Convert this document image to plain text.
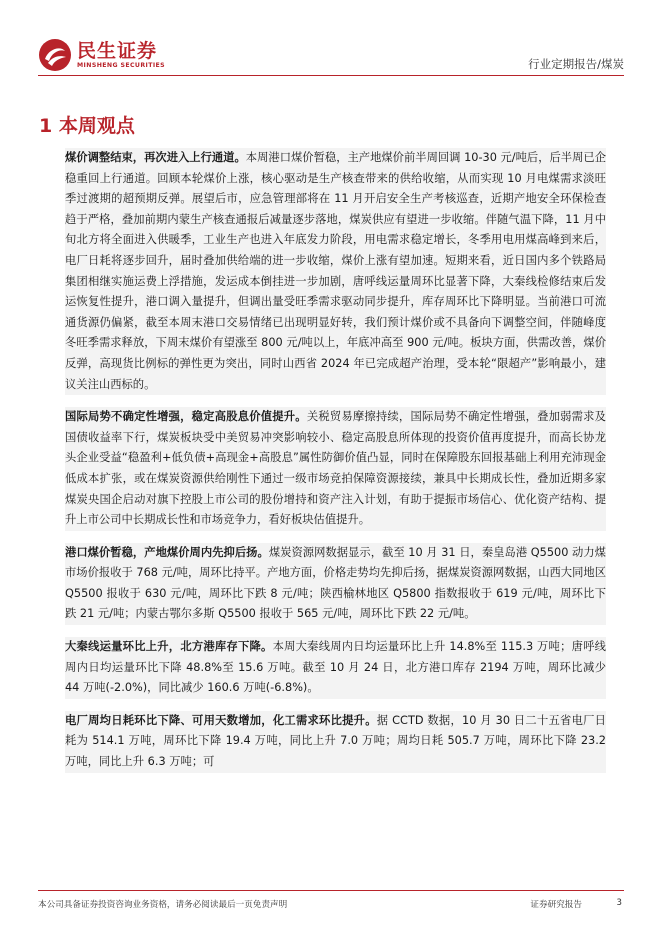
民生证券
MINSHENG SECURITIES	行业定期报告/煤炭
1 本周观点

煤价调整结束，再次进入上行通道。本周港口煤价暂稳，主产地煤价前半周回调 10-30 元/吨后，后半周已企稳重回上行通道。回顾本轮煤价上涨，核心驱动是生产核查带来的供给收缩，从而实现 10 月电煤需求淡旺季过渡期的超预期反弹。展望后市，应急管理部将在 11 月开启安全生产考核巡查，近期产地安全环保检查趋于严格，叠加前期内蒙生产核查通报后减量逐步落地，煤炭供应有望进一步收缩。伴随气温下降，11 月中旬北方将全面进入供暖季，工业生产也进入年底发力阶段，用电需求稳定增长，冬季用电用煤高峰到来后，电厂日耗将逐步回升，届时叠加供给端的进一步收缩，煤价上涨有望加速。短期来看，近日国内多个铁路局集团相继实施运费上浮措施，发运成本倒挂进一步加剧，唐呼线运量周环比显著下降，大秦线检修结束后发运恢复性提升，港口调入量提升，但调出量受旺季需求驱动同步提升，库存周环比下降明显。当前港口可流通货源仍偏紧，截至本周末港口交易情绪已出现明显好转，我们预计煤价或不具备向下调整空间，伴随峰度冬旺季需求释放，下周末煤价有望涨至 800 元/吨以上，年底冲高至 900 元/吨。板块方面，供需改善，煤价反弹，高现货比例标的弹性更为突出，同时山西省 2024 年已完成超产治理，受本轮“限超产”影响最小，建议关注山西标的。

国际局势不确定性增强，稳定高股息价值提升。关税贸易摩擦持续，国际局势不确定性增强，叠加弱需求及国债收益率下行，煤炭板块受中美贸易冲突影响较小、稳定高股息所体现的投资价值再度提升，而高长协龙头企业受益“稳盈利+低负债+高现金+高股息”属性防御价值凸显，同时在保障股东回报基础上利用充沛现金低成本扩张，或在煤炭资源供给刚性下通过一级市场竞拍保障资源接续，兼具中长期成长性，叠加近期多家煤炭央国企启动对旗下控股上市公司的股份增持和资产注入计划，有助于提振市场信心、优化资产结构、提升上市公司中长期成长性和市场竞争力，看好板块估值提升。

港口煤价暂稳，产地煤价周内先抑后扬。煤炭资源网数据显示，截至 10 月 31 日，秦皇岛港 Q5500 动力煤市场价报收于 768 元/吨，周环比持平。产地方面，价格走势均先抑后扬，据煤炭资源网数据，山西大同地区 Q5500 报收于 630 元/吨，周环比下跌 8 元/吨；陕西榆林地区 Q5800 指数报收于 619 元/吨，周环比下跌 21 元/吨；内蒙古鄂尔多斯 Q5500 报收于 565 元/吨，周环比下跌 22 元/吨。

大秦线运量环比上升，北方港库存下降。本周大秦线周内日均运量环比上升 14.8%至 115.3 万吨；唐呼线周内日均运量环比下降 48.8%至 15.6 万吨。截至 10 月 24 日，北方港口库存 2194 万吨，周环比减少 44 万吨(-2.0%)，同比减少 160.6 万吨(-6.8%)。

电厂周均日耗环比下降、可用天数增加，化工需求环比提升。据 CCTD 数据，10 月 30 日二十五省电厂日耗为 514.1 万吨，周环比下降 19.4 万吨，同比上升 7.0 万吨；周均日耗 505.7 万吨，周环比下降 23.2 万吨，同比上升 6.3 万吨；可

本公司具备证券投资咨询业务资格，请务必阅读最后一页免责声明	证券研究报告	3
